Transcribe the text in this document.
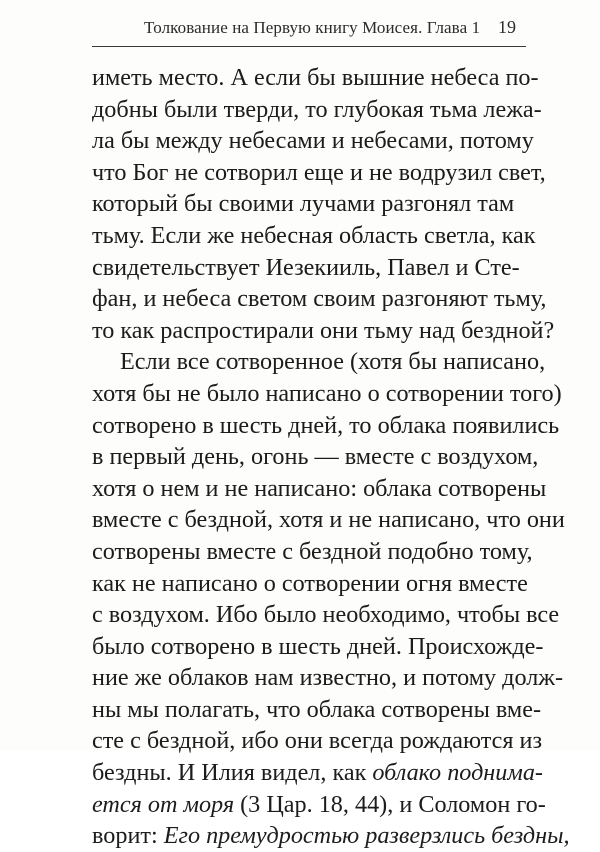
Толкование на Первую книгу Моисея. Глава 1 19
иметь место. А если бы вышние небеса по-
добны были тверди, то глубокая тьма лежа-
ла бы между небесами и небесами, потому
что Бог не сотворил еще и не водрузил свет,
который бы своими лучами разгонял там
тьму. Если же небесная область светла, как
свидетельствует Иезекииль, Павел и Сте-
фан, и небеса светом своим разгоняют тьму,
то как распростирали они тьму над бездной?
Если все сотворенное (хотя бы написано,
хотя бы не было написано о сотворении того)
сотворено в шесть дней, то облака появились
в первый день, огонь — вместе с воздухом,
хотя о нем и не написано: облака сотворены
вместе с бездной, хотя и не написано, что они
сотворены вместе с бездной подобно тому,
как не написано о сотворении огня вместе
с воздухом. Ибо было необходимо, чтобы все
было сотворено в шесть дней. Происхожде-
ние же облаков нам известно, и потому долж-
ны мы полагать, что облака сотворены вме-
сте с бездной, ибо они всегда рождаются из
бездны. И Илия видел, как облако поднима-
ется от моря (3 Цар. 18, 44), и Соломон го-
ворит: Его премудростью разверзлись бездны,
